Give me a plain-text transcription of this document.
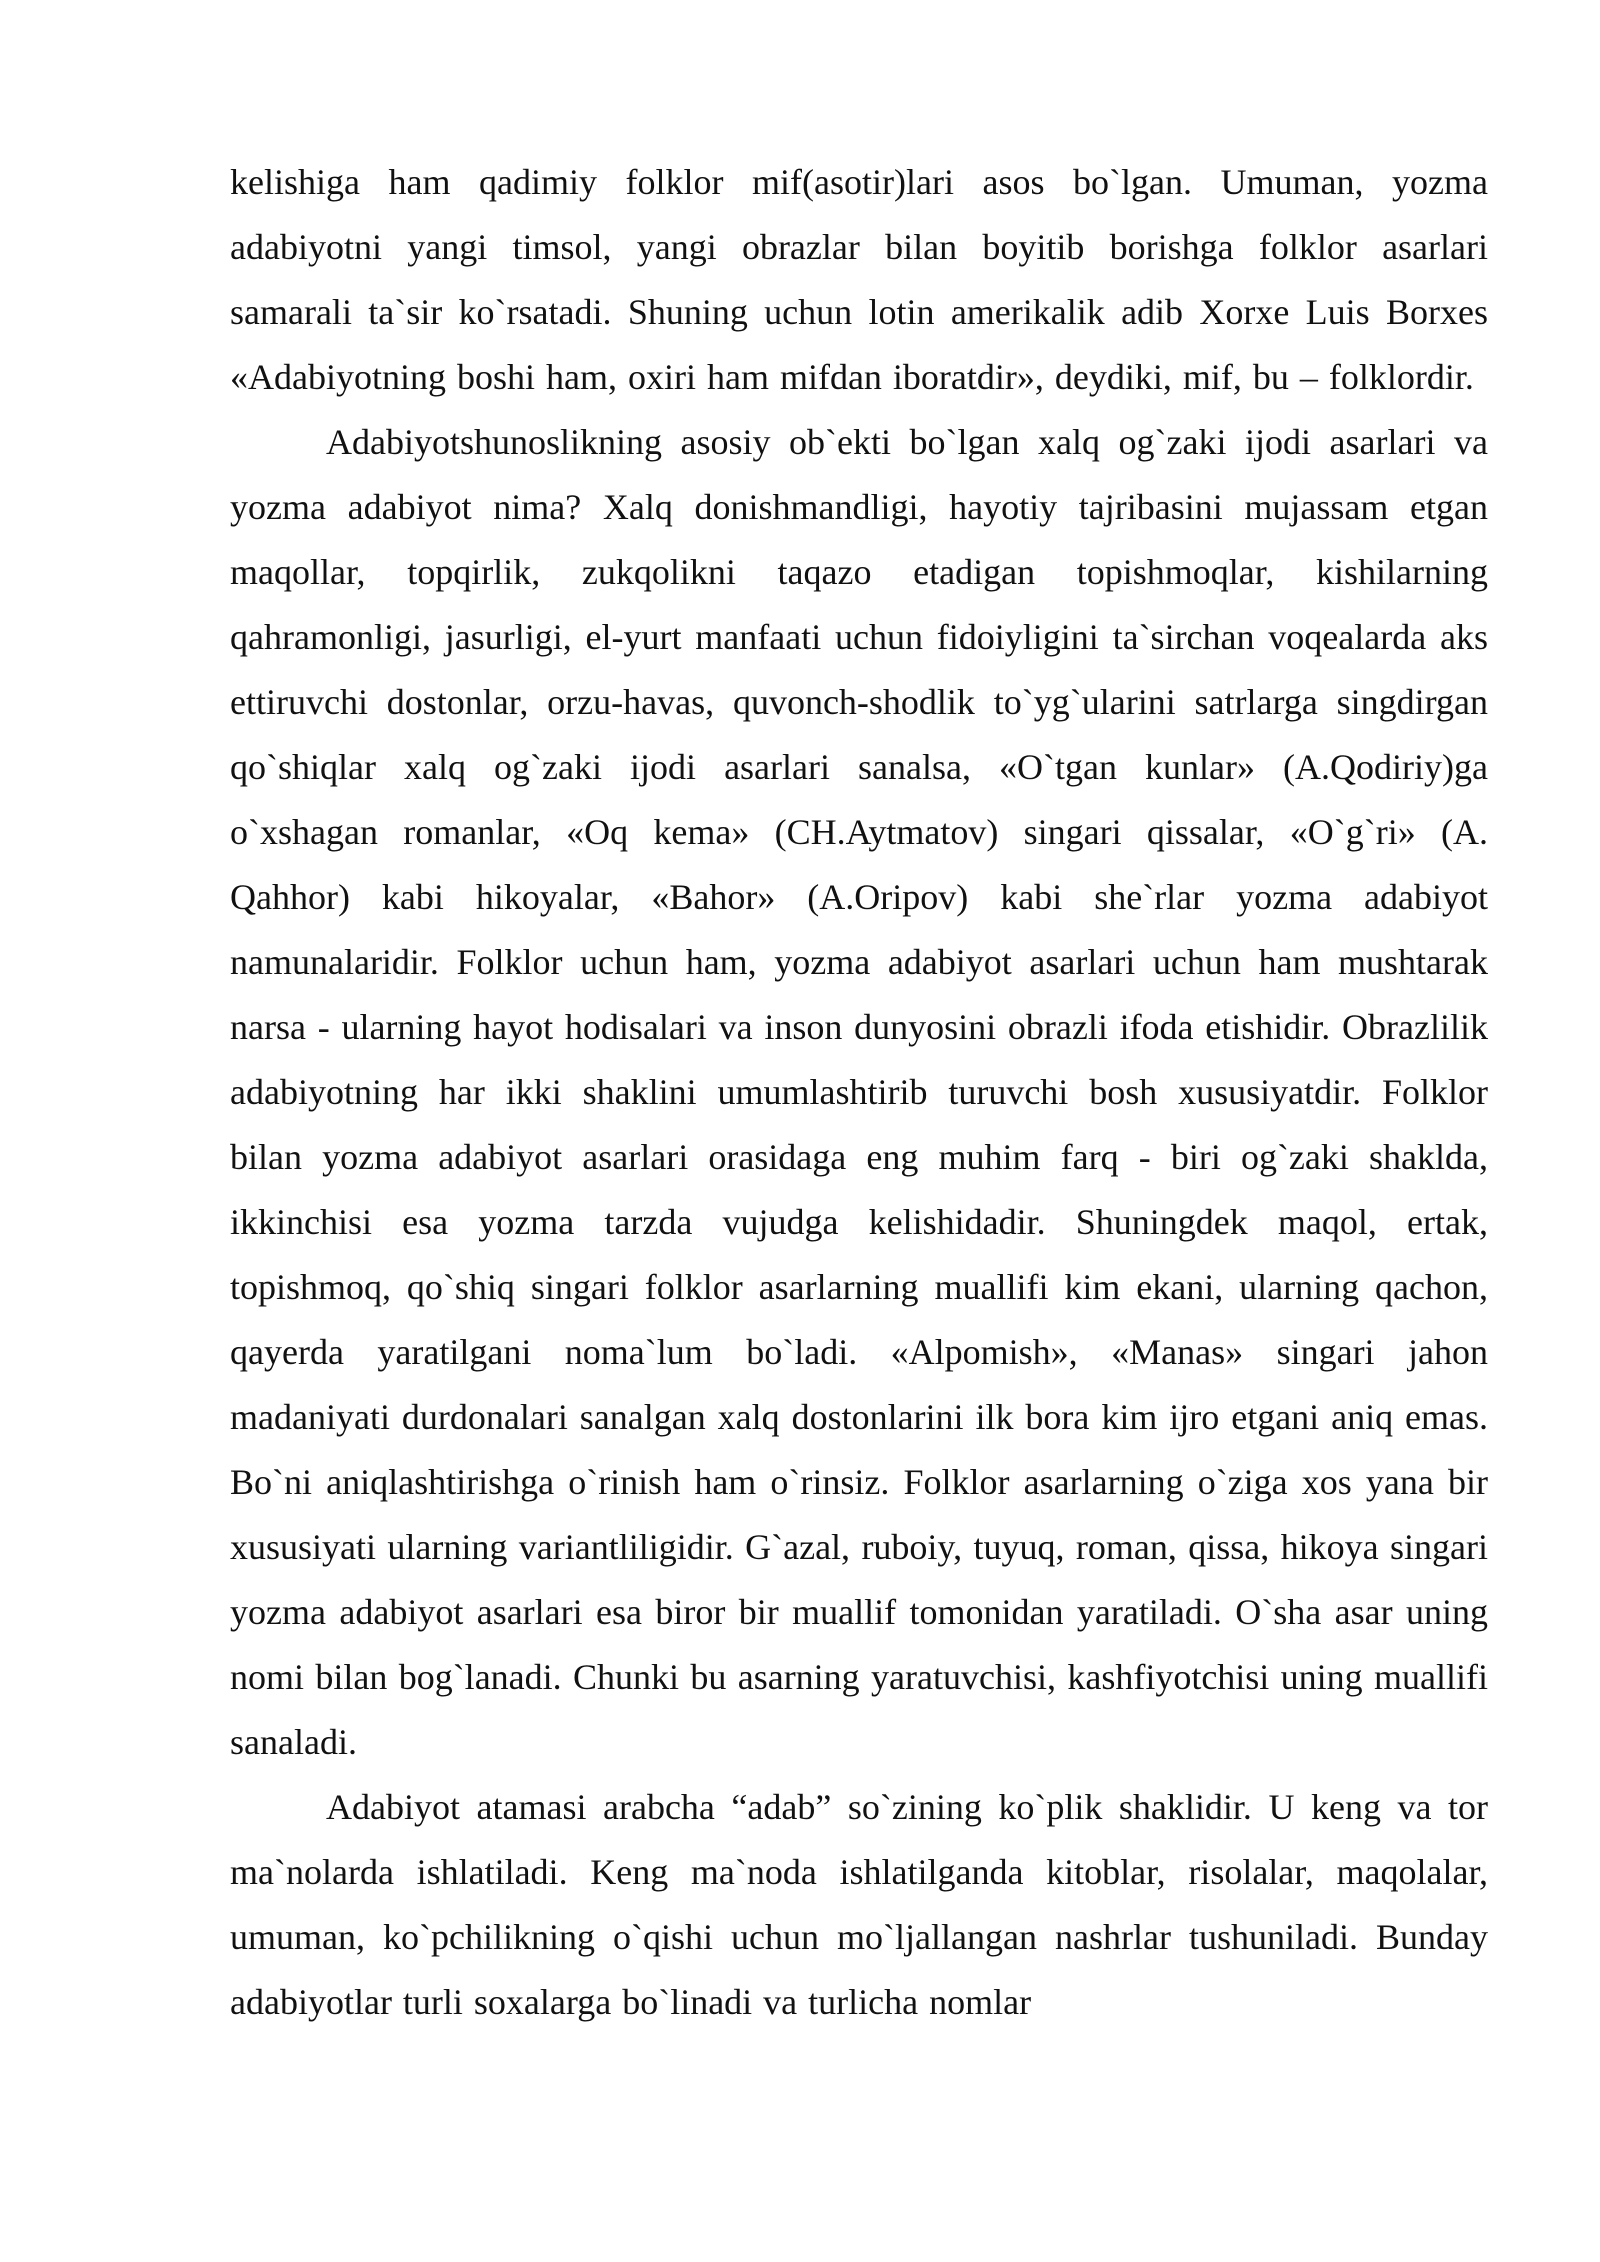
kelishiga ham qadimiy folklor mif(asotir)lari asos bo`lgan. Umuman, yozma adabiyotni yangi timsol, yangi obrazlar bilan boyitib borishga folklor asarlari samarali ta`sir ko`rsatadi. Shuning uchun lotin amerikalik adib Xorxe Luis Borxes «Adabiyotning boshi ham, oxiri ham mifdan iboratdir», deydiki, mif, bu – folklordir.

Adabiyotshunoslikning asosiy ob`ekti bo`lgan xalq og`zaki ijodi asarlari va yozma adabiyot nima? Xalq donishmandligi, hayotiy tajribasini mujassam etgan maqollar, topqirlik, zukqolikni taqazo etadigan topishmoqlar, kishilarning qahramonligi, jasurligi, el-yurt manfaati uchun fidoiyligini ta`sirchan voqealarda aks ettiruvchi dostonlar, orzu-havas, quvonch-shodlik to`yg`ularini satrlarga singdirgan qo`shiqlar xalq og`zaki ijodi asarlari sanalsa, «O`tgan kunlar» (A.Qodiriy)ga o`xshagan romanlar, «Oq kema» (CH.Aytmatov) singari qissalar, «O`g`ri» (A. Qahhor) kabi hikoyalar, «Bahor» (A.Oripov) kabi she`rlar yozma adabiyot namunalaridir. Folklor uchun ham, yozma adabiyot asarlari uchun ham mushtarak narsa - ularning hayot hodisalari va inson dunyosini obrazli ifoda etishidir. Obrazlilik adabiyotning har ikki shaklini umumlashtirib turuvchi bosh xususiyatdir. Folklor bilan yozma adabiyot asarlari orasidaga eng muhim farq - biri og`zaki shaklda, ikkinchisi esa yozma tarzda vujudga kelishidadir. Shuningdek maqol, ertak, topishmoq, qo`shiq singari folklor asarlarning muallifi kim ekani, ularning qachon, qayerda yaratilgani noma`lum bo`ladi. «Alpomish», «Manas» singari jahon madaniyati durdonalari sanalgan xalq dostonlarini ilk bora kim ijro etgani aniq emas. Bo`ni aniqlashtirishga o`rinish ham o`rinsiz. Folklor asarlarning o`ziga xos yana bir xususiyati ularning variantliligidir. G`azal, ruboiy, tuyuq, roman, qissa, hikoya singari yozma adabiyot asarlari esa biror bir muallif tomonidan yaratiladi. O`sha asar uning nomi bilan bog`lanadi. Chunki bu asarning yaratuvchisi, kashfiyotchisi uning muallifi sanaladi.

Adabiyot atamasi arabcha “adab” so`zining ko`plik shaklidir. U keng va tor ma`nolarda ishlatiladi. Keng ma`noda ishlatilganda kitoblar, risolalar, maqolalar, umuman, ko`pchilikning o`qishi uchun mo`ljallangan nashrlar tushuniladi. Bunday adabiyotlar turli soxalarga bo`linadi va turlicha nomlar
